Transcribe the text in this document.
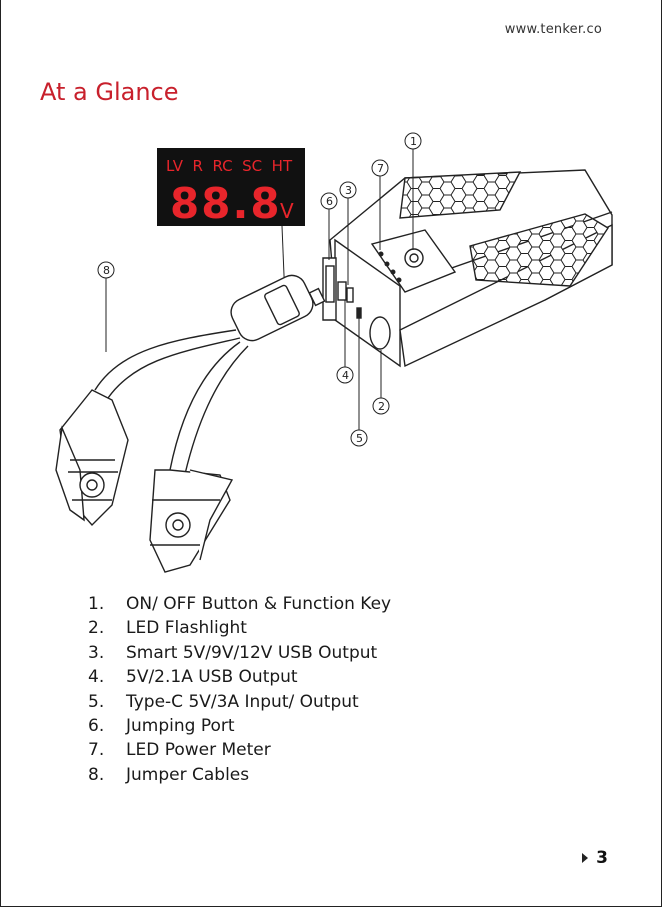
www.tenker.co
At a Glance
LV  R  RC  SC  HT
88.8
V
1
7
3
6
8
4
2
5
1.	ON/ OFF Button & Function Key
2.	LED Flashlight
3.	Smart 5V/9V/12V USB Output
4.	5V/2.1A USB Output
5.	Type-C 5V/3A Input/ Output
6.	Jumping Port
7.	LED Power Meter
8.	Jumper Cables
3
